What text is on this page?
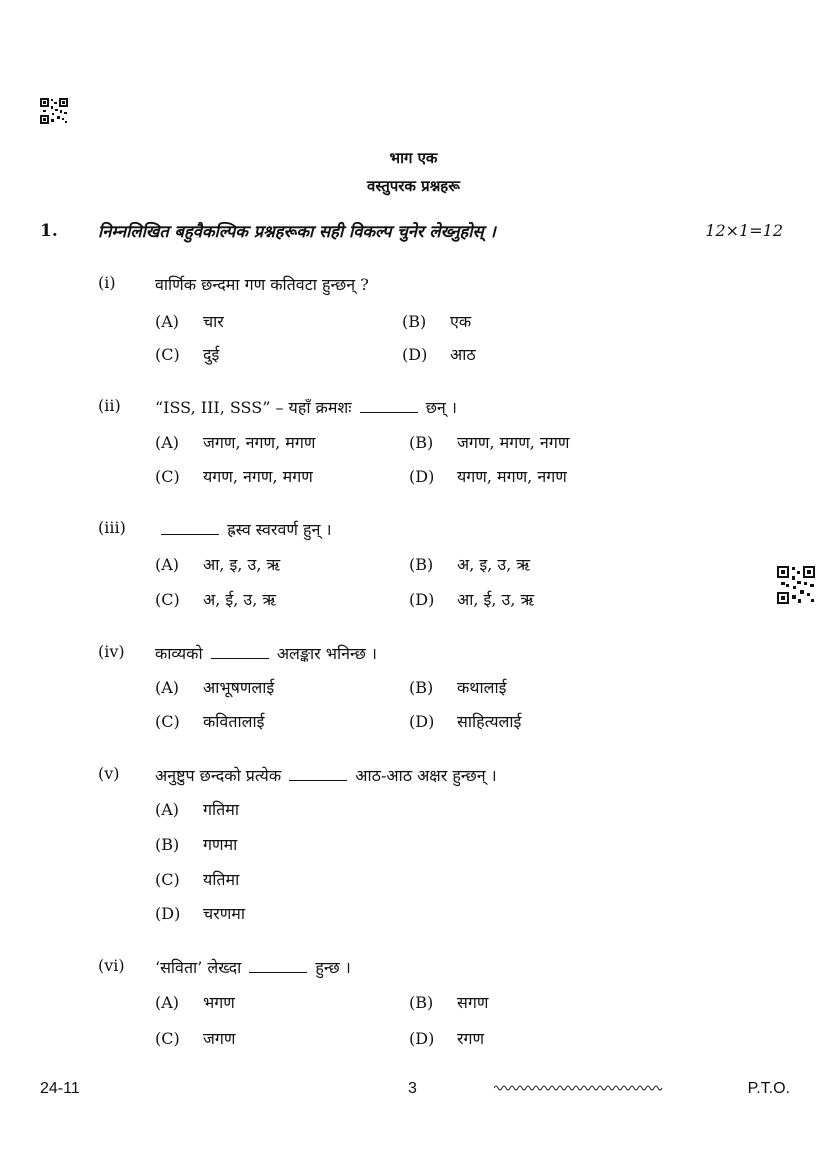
भाग एक
वस्तुपरक प्रश्नहरू
1. निम्नलिखित बहुवैकल्पिक प्रश्नहरूका सही विकल्प चुनेर लेख्नुहोस् ।	12×1=12
(i) वार्णिक छन्दमा गण कतिवटा हुन्छन् ?
(A) चार	(B) एक
(C) दुई	(D) आठ
(ii) “ISS, III, SSS” – यहाँ क्रमशः	छन् ।
(A) जगण, नगण, मगण	(B) जगण, मगण, नगण
(C) यगण, नगण, मगण	(D) यगण, मगण, नगण
(iii)	ह्रस्व स्वरवर्ण हुन् ।
(A) आ, इ, उ, ऋ	(B) अ, इ, उ, ऋ
(C) अ, ई, उ, ऋ	(D) आ, ई, उ, ऋ
(iv) काव्यको	अलङ्कार भनिन्छ ।
(A) आभूषणलाई	(B) कथालाई
(C) कवितालाई	(D) साहित्यलाई
(v) अनुष्टुप छन्दको प्रत्येक	आठ-आठ अक्षर हुन्छन् ।
(A) गतिमा
(B) गणमा
(C) यतिमा
(D) चरणमा
(vi) ‘सविता’ लेख्दा	हुन्छ ।
(A) भगण	(B) सगण
(C) जगण	(D) रगण
24-11	3	P.T.O.
